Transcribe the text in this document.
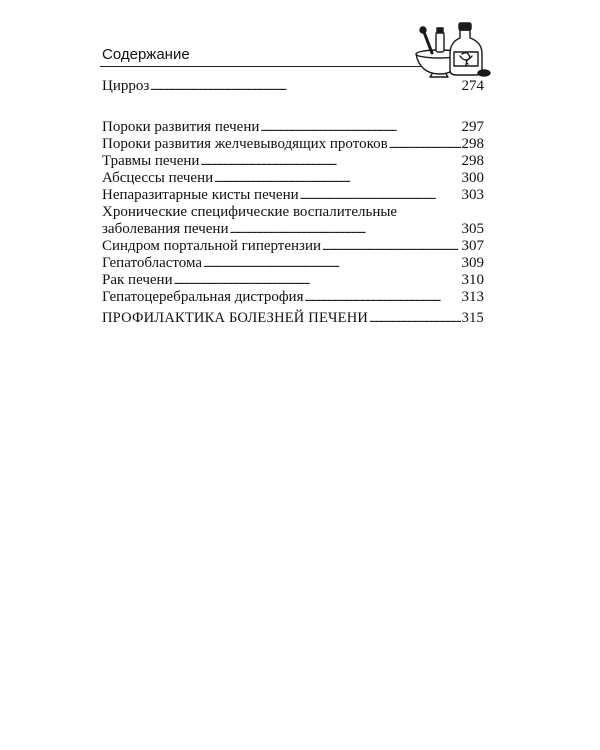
Содержание
Цирроз . . .	274
Пороки развития печени . . .	297
Пороки развития желчевыводящих протоков . . .	298
Травмы печени . . .	298
Абсцессы печени . . .	300
Непаразитарные кисты печени . . .	303
Хронические специфические воспалительные
заболевания печени . . .	305
Синдром портальной гипертензии . . .	307
Гепатобластома . . .	309
Рак печени . . .	310
Гепатоцеребральная дистрофия . . .	313
ПРОФИЛАКТИКА БОЛЕЗНЕЙ ПЕЧЕНИ . . .	315
